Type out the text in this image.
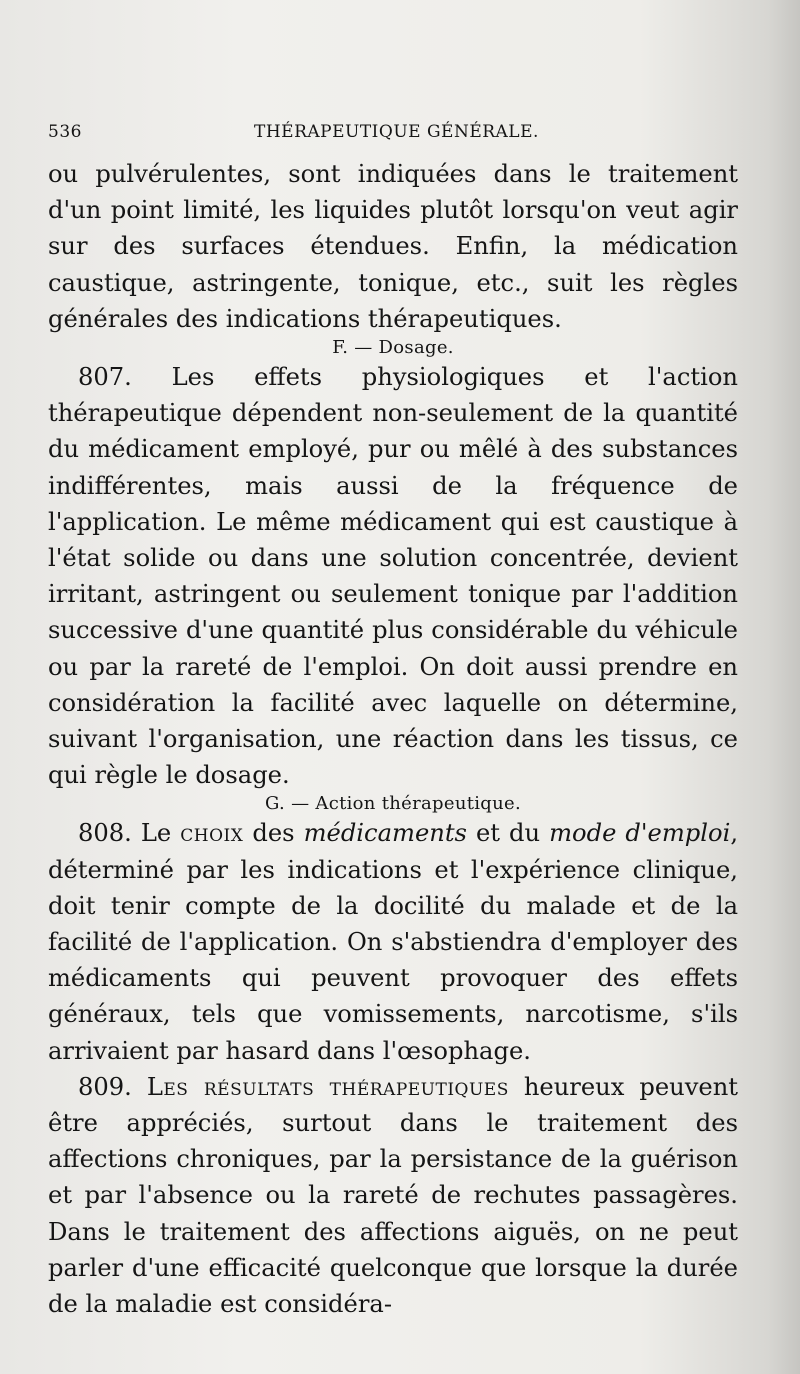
536	THÉRAPEUTIQUE GÉNÉRALE.

ou pulvérulentes, sont indiquées dans le traitement d'un point limité, les liquides plutôt lorsqu'on veut agir sur des surfaces étendues. Enfin, la médication caustique, astringente, tonique, etc., suit les règles générales des indications thérapeutiques.

F. — Dosage.

807. Les effets physiologiques et l'action thérapeutique dépendent non-seulement de la quantité du médicament employé, pur ou mêlé à des substances indifférentes, mais aussi de la fréquence de l'application. Le même médicament qui est caustique à l'état solide ou dans une solution concentrée, devient irritant, astringent ou seulement tonique par l'addition successive d'une quantité plus considérable du véhicule ou par la rareté de l'emploi. On doit aussi prendre en considération la facilité avec laquelle on détermine, suivant l'organisation, une réaction dans les tissus, ce qui règle le dosage.

G. — Action thérapeutique.

808. Le choix des médicaments et du mode d'emploi, déterminé par les indications et l'expérience clinique, doit tenir compte de la docilité du malade et de la facilité de l'application. On s'abstiendra d'employer des médicaments qui peuvent provoquer des effets généraux, tels que vomissements, narcotisme, s'ils arrivaient par hasard dans l'œsophage.

809. Les résultats thérapeutiques heureux peuvent être appréciés, surtout dans le traitement des affections chroniques, par la persistance de la guérison et par l'absence ou la rareté de rechutes passagères. Dans le traitement des affections aiguës, on ne peut parler d'une efficacité quelconque que lorsque la durée de la maladie est considéra-
